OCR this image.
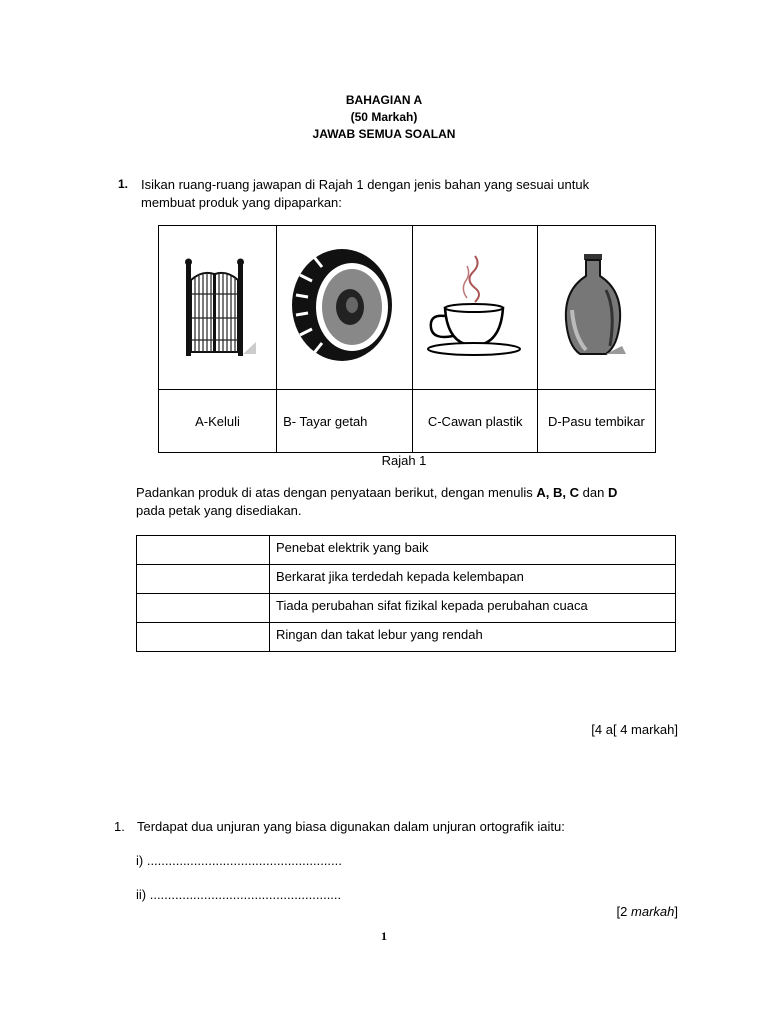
BAHAGIAN A
(50 Markah)
JAWAB SEMUA SOALAN
1. Isikan ruang-ruang jawapan di Rajah 1 dengan jenis bahan yang sesuai untuk
membuat produk yang dipaparkan:

A-Keluli	B- Tayar getah	C-Cawan plastik	D-Pasu tembikar
Rajah 1
Padankan produk di atas dengan penyataan berikut, dengan menulis A, B, C dan D
pada petak yang disediakan.
	Penebat elektrik yang baik
	Berkarat jika terdedah kepada kelembapan
	Tiada perubahan sifat fizikal kepada perubahan cuaca
	Ringan dan takat lebur yang rendah
[4 a[ 4 markah]
1. Terdapat dua unjuran yang biasa digunakan dalam unjuran ortografik iaitu:
i) ......................................................
ii) .....................................................
[2 markah]
1
